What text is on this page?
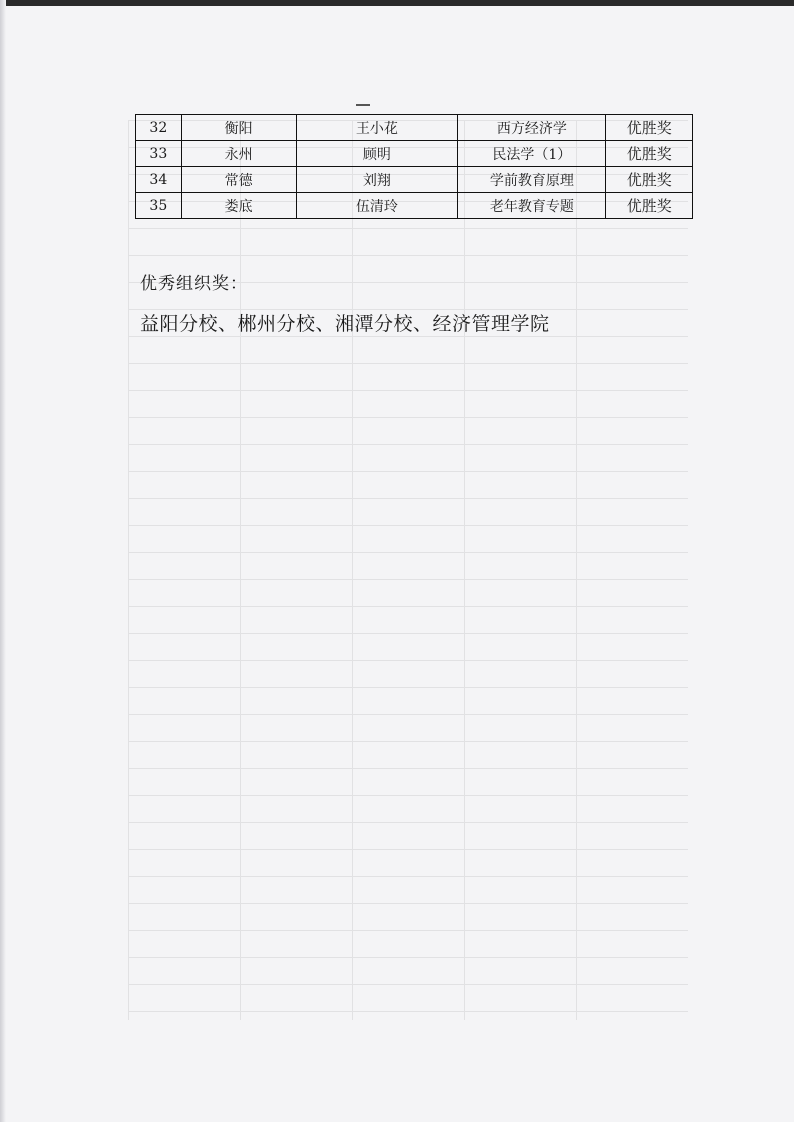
32	衡阳	王小花	西方经济学	优胜奖
33	永州	顾明	民法学（1）	优胜奖
34	常德	刘翔	学前教育原理	优胜奖
35	娄底	伍清玲	老年教育专题	优胜奖
优秀组织奖：
益阳分校、郴州分校、湘潭分校、经济管理学院
